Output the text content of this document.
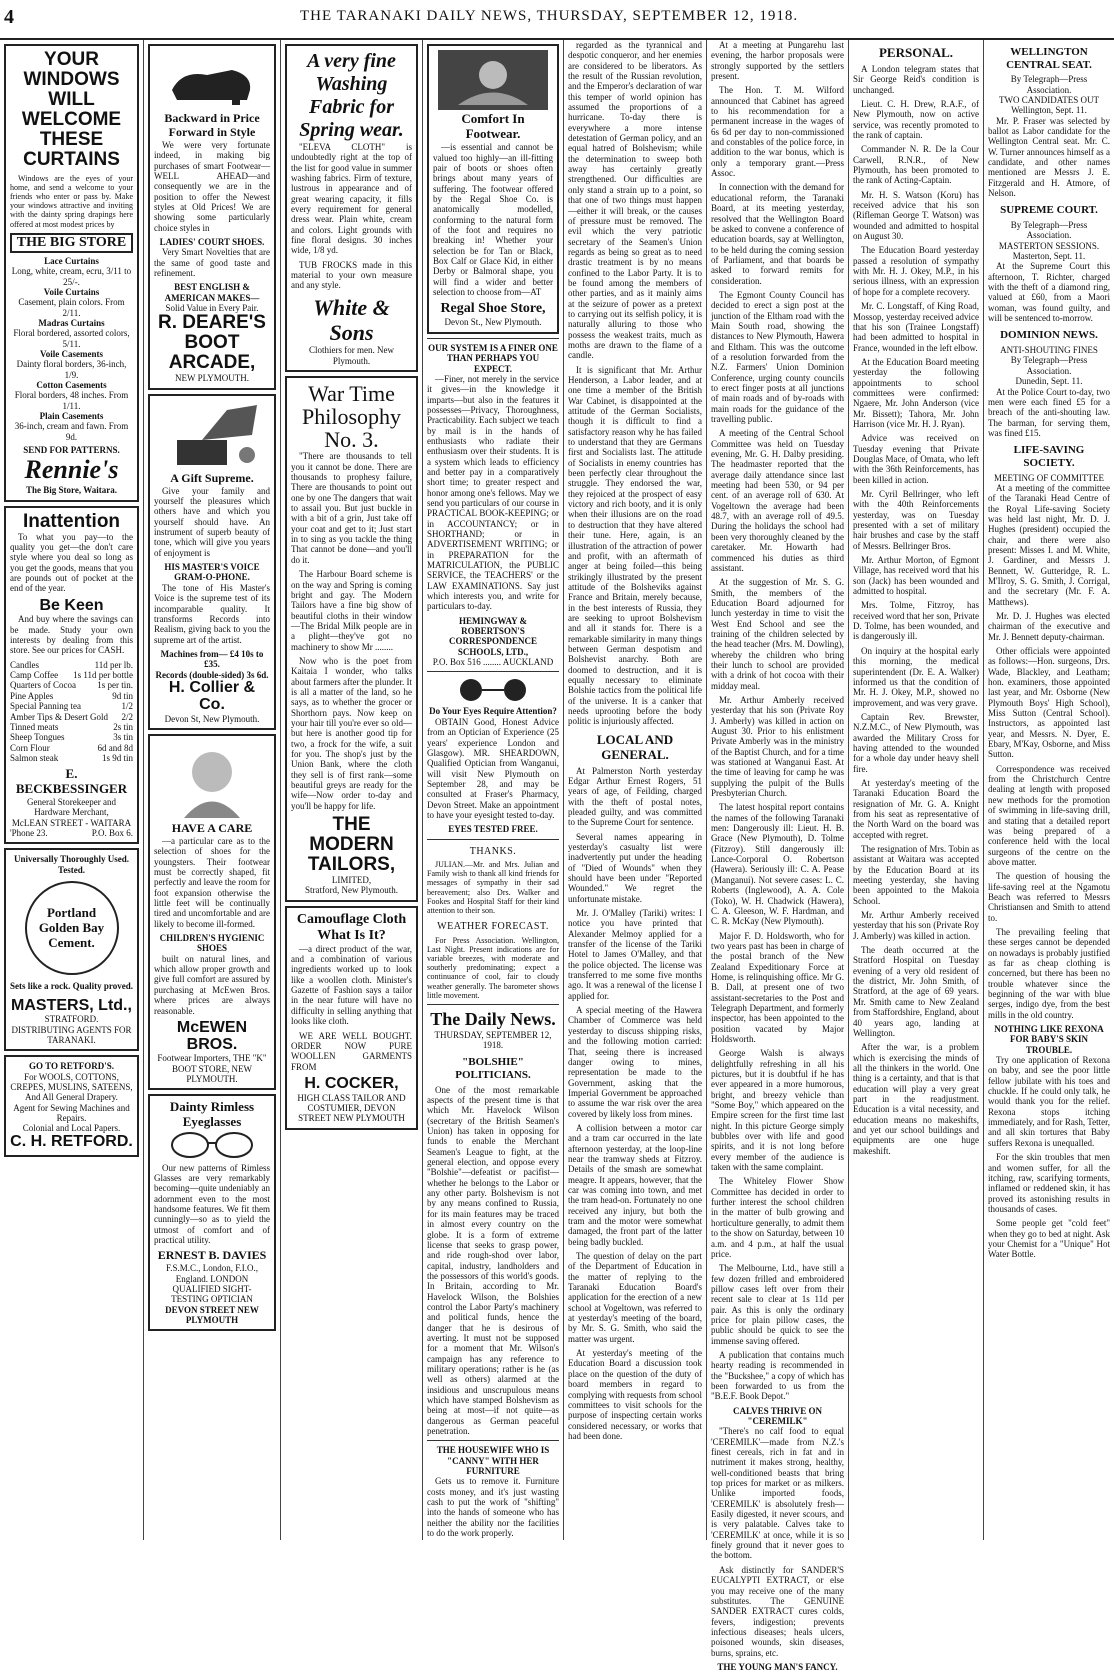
4	THE TARANAKI DAILY NEWS, THURSDAY, SEPTEMBER 12, 1918.
YOUR WINDOWS WILL WELCOME THESE CURTAINS

Windows are the eyes of your home, and send a welcome to your friends who enter or pass by. Make your windows attractive and inviting with the dainty spring drapings here offered at most modest prices by

THE BIG STORE
Lace Curtains
Long, white, cream, ecru, 3/11 to 25/-.
Voile Curtains
Casement, plain colors. From 2/11.
Madras Curtains
Floral bordered, assorted colors, 5/11.
Voile Casements
Dainty floral borders, 36-inch, 1/9.
Cotton Casements
Floral borders, 48 inches. From 1/11.
Plain Casements
36-inch, cream and fawn. From 9d.
SEND FOR PATTERNS.
Rennie's
The Big Store, Waitara.
Inattention

To what you pay—to the quality you get—the don't care style where you deal so long as you get the goods, means that you are pounds out of pocket at the end of the year.

Be Keen

And buy where the savings can be made. Study your own interests by dealing from this store. See our prices for CASH.

Candles	11d per lb.
Camp Coffee 1s 11d per bottle
Quarters of Cocoa 1s per tin.
Pine Apples	9d tin
Special Panning tea	1/2
Amber Tips & Desert Gold 2/2
Tinned meats	2s tin
Sheep Tongues	3s tin
Corn Flour	6d and 8d
Salmon steak	1s 9d tin
E. BECKBESSINGER
General Storekeeper and Hardware Merchant,
McLEAN STREET - WAITARA
'Phone 23.	P.O. Box 6.
Universally Thoroughly Used. Tested.
Portland Golden Bay Cement.
Sets like a rock. Quality proved.
MASTERS, Ltd.,
STRATFORD.
DISTRIBUTING AGENTS FOR TARANAKI.
GO TO RETFORD'S.
For WOOLS, COTTONS, CREPES, MUSLINS, SATEENS, And All General Drapery.
Agent for Sewing Machines and Repairs.
Colonial and Local Papers.
C. H. RETFORD.
Backward in Price Forward in Style

We were very fortunate indeed, in making big purchases of smart Footwear—WELL AHEAD—and consequently we are in the position to offer the Newest styles at Old Prices! We are showing some particularly choice styles in

LADIES' COURT SHOES.

Very Smart Novelties that are the same of good taste and refinement.

BEST ENGLISH & AMERICAN MAKES—
Solid Value in Every Pair.
R. DEARE'S BOOT ARCADE,
NEW PLYMOUTH.
A Gift Supreme.

Give your family and yourself the pleasures which others have and which you yourself should have. An instrument of superb beauty of tone, which will give you years of enjoyment is

HIS MASTER'S VOICE GRAM-O-PHONE.

The tone of His Master's Voice is the supreme test of its incomparable quality. It transforms Records into Realism, giving back to you the supreme art of the artist.

Machines from— £4 10s to £35.
Records (double-sided) 3s 6d.
H. Collier & Co.
Devon St, New Plymouth.
HAVE A CARE

—a particular care as to the selection of shoes for the youngsters. Their footwear must be correctly shaped, fit perfectly and leave the room for foot expansion otherwise the little feet will be continually tired and uncomfortable and are likely to become ill-formed.

CHILDREN'S HYGIENIC SHOES

built on natural lines, and which allow proper growth and give full comfort are assured by purchasing at McEwen Bros. where prices are always reasonable.

McEWEN BROS.
Footwear Importers, THE "K" BOOT STORE, NEW PLYMOUTH.
Dainty Rimless Eyeglasses

Our new patterns of Rimless Glasses are very remarkably becoming—quite undeniably an adornment even to the most handsome features. We fit them cunningly—so as to yield the utmost of comfort and of practical utility.

ERNEST B. DAVIES
F.S.M.C., London, F.I.O., England. LONDON QUALIFIED SIGHT-TESTING OPTICIAN
DEVON STREET NEW PLYMOUTH
A very fine Washing Fabric for Spring wear.

"ELEVA CLOTH" is undoubtedly right at the top of the list for good value in summer washing fabrics. Firm of texture, lustrous in appearance and of great wearing capacity, it fills every requirement for general dress wear. Plain white, cream and colors. Light grounds with fine floral designs. 30 inches wide, 1/8 yd.

TUB FROCKS made in this material to your own measure and any style.

White & Sons
Clothiers for men. New Plymouth.
War Time Philosophy No. 3.

"There are thousands to tell you it cannot be done. There are thousands to prophesy failure, There are thousands to point out one by one The dangers that wait to assail you. But just buckle in with a bit of a grin, Just take off your coat and get to it; Just start in to sing as you tackle the thing That cannot be done—and you'll do it.

The Harbour Board scheme is on the way and Spring is coming bright and gay. The Modern Tailors have a fine big show of beautiful cloths in their window —The Bridal Milk people are in a plight—they've got no machinery to show Mr ........

Now who is the poet from Kaitaia I wonder, who talks about farmers after the plunder. It is all a matter of the land, so he says, as to whether the grocer or Shorthorn pays. Now keep on your hair till you're ever so old—but here is another good tip for two, a frock for the wife, a suit for you. The shop's just by the Union Bank, where the cloth they sell is of first rank—some beautiful greys are ready for the wife—Now order to-day and you'll be happy for life.

THE MODERN TAILORS,
LIMITED,
Stratford, New Plymouth.
Camouflage Cloth What Is It?

—a direct product of the war, and a combination of various ingredients worked up to look like a woollen cloth. Minister's Gazette of Fashion says a tailor in the near future will have no difficulty in selling anything that looks like cloth.

WE ARE WELL BOUGHT. ORDER NOW PURE WOOLLEN GARMENTS FROM

H. COCKER,
HIGH CLASS TAILOR AND COSTUMIER, DEVON STREET NEW PLYMOUTH
Comfort In Footwear.

—is essential and cannot be valued too highly—an ill-fitting pair of boots or shoes often brings about many years of suffering. The footwear offered by the Regal Shoe Co. is anatomically modelled, conforming to the natural form of the foot and requires no breaking in! Whether your selection be for Tan or Black, Box Calf or Glace Kid, in either Derby or Balmoral shape, you will find a wider and better selection to choose from—AT

Regal Shoe Store,
Devon St., New Plymouth.
OUR SYSTEM IS A FINER ONE THAN PERHAPS YOU EXPECT.

—Finer, not merely in the service it gives—in the knowledge it imparts—but also in the features it possesses—Privacy, Thoroughness, Practicability. Each subject we teach by mail is in the hands of enthusiasts who radiate their enthusiasm over their students. It is a system which leads to efficiency and better pay in a comparatively short time; to greater respect and honor among one's fellows. May we send you particulars of our course in PRACTICAL BOOK-KEEPING; or in ACCOUNTANCY; or in SHORTHAND; or in ADVERTISEMENT WRITING; or in PREPARATION for the MATRICULATION, the PUBLIC SERVICE, the TEACHERS' or the LAW EXAMINATIONS. Say just which interests you, and write for particulars to-day.

HEMINGWAY & ROBERTSON'S CORRESPONDENCE SCHOOLS, LTD.,
P.O. Box 516 ........ AUCKLAND
Do Your Eyes Require Attention?

OBTAIN Good, Honest Advice from an Optician of Experience (25 years' experience London and Glasgow). MR. SHEARDOWN, Qualified Optician from Wanganui, will visit New Plymouth on September 28, and may be consulted at Fraser's Pharmacy, Devon Street. Make an appointment to have your eyesight tested to-day.

EYES TESTED FREE.
THANKS.

JULIAN.—Mr. and Mrs. Julian and Family wish to thank all kind friends for messages of sympathy in their sad bereavement; also Drs. Walker and Fookes and Hospital Staff for their kind attention to their son.

WEATHER FORECAST.

For Press Association. Wellington, Last Night. Present indications are for variable breezes, with moderate and southerly predominating; expect a continuance of cool, fair to cloudy weather generally. The barometer shows little movement.

The Daily News.
THURSDAY, SEPTEMBER 12, 1918.
"BOLSHIE" POLITICIANS.

One of the most remarkable aspects of the present time is that which Mr. Havelock Wilson (secretary of the British Seamen's Union) has taken in opposing for funds to enable the Merchant Seamen's League to fight, at the general election, and oppose every "Bolshie"—defeatist or pacifist—whether he belongs to the Labor or any other party. Bolshevism is not by any means confined to Russia, for its main features may be traced in almost every country on the globe. It is a form of extreme license that seeks to grasp power, and ride rough-shod over labor, capital, industry, landholders and the possessors of this world's goods. In Britain, according to Mr. Havelock Wilson, the Bolshies control the Labor Party's machinery and political funds, hence the danger that he is desirous of averting. It must not be supposed for a moment that Mr. Wilson's campaign has any reference to military operations; rather is he (as well as others) alarmed at the insidious and unscrupulous means which have stamped Bolshevism as being at most—if not quite—as dangerous as German peaceful penetration.

THE HOUSEWIFE WHO IS "CANNY" WITH HER FURNITURE

Gets us to remove it. Furniture costs money, and it's just wasting cash to put the work of "shifting" into the hands of someone who has neither the ability nor the facilities to do the work properly.

regarded as the tyrannical and despotic conqueror, and her enemies are considered to be liberators. As the result of the Russian revolution, and the Emperor's declaration of war this temper of world opinion has assumed the proportions of a hurricane. To-day there is everywhere a more intense detestation of German policy, and an equal hatred of Bolshevism; while the determination to sweep both away has certainly greatly strengthened. Our difficulties are only stand a strain up to a point, so that one of two things must happen—either it will break, or the causes of pressure must be removed. The evil which the very patriotic secretary of the Seamen's Union regards as being so great as to need drastic treatment is by no means confined to the Labor Party. It is to be found among the members of other parties, and as it mainly aims at the seizure of power as a pretext to carrying out its selfish policy, it is naturally alluring to those who possess the weakest traits, much as moths are drawn to the flame of a candle.

It is significant that Mr. Arthur Henderson, a Labor leader, and at one time a member of the British War Cabinet, is disappointed at the attitude of the German Socialists, though it is difficult to find a satisfactory reason why he has failed to understand that they are Germans first and Socialists last. The attitude of Socialists in enemy countries has been perfectly clear throughout the struggle. They endorsed the war, they rejoiced at the prospect of easy victory and rich booty, and it is only when their illusions are on the road to destruction that they have altered their tune. Here, again, is an illustration of the attraction of power and profit, with an aftermath of anger at being foiled—this being strikingly illustrated by the present attitude of the Bolsheviks against France and Britain, merely because, in the best interests of Russia, they are seeking to uproot Bolshevism and all it stands for. There is a remarkable similarity in many things between German despotism and Bolshevist anarchy. Both are doomed to destruction, and it is equally necessary to eliminate Bolshie tactics from the political life of the universe. It is a canker that needs uprooting before the body politic is injuriously affected.

LOCAL AND GENERAL.

At Palmerston North yesterday Edgar Arthur Ernest Rogers, 51 years of age, of Feilding, charged with the theft of postal notes, pleaded guilty, and was committed to the Supreme Court for sentence.

Several names appearing in yesterday's casualty list were inadvertently put under the heading of "Died of Wounds" when they should have been under "Reported Wounded." We regret the unfortunate mistake.

Mr. J. O'Malley (Tariki) writes: I notice you have printed that Alexander Melmoy applied for a transfer of the license of the Tariki Hotel to James O'Malley, and that the police objected. The license was transferred to me some five months ago. It was a renewal of the license I applied for.

A special meeting of the Hawera Chamber of Commerce was held yesterday to discuss shipping risks, and the following motion carried: That, seeing there is increased danger owing to mines, representation be made to the Government, asking that the Imperial Government be approached to assume the war risk over the area covered by likely loss from mines.

A collision between a motor car and a tram car occurred in the late afternoon yesterday, at the loop-line near the tramway sheds at Fitzroy. Details of the smash are somewhat meagre. It appears, however, that the car was coming into town, and met the tram head-on. Fortunately no one received any injury, but both the tram and the motor were somewhat damaged, the front part of the latter being badly buckled.

The question of delay on the part of the Department of Education in the matter of replying to the Taranaki Education Board's application for the erection of a new school at Vogeltown, was referred to at yesterday's meeting of the board, by Mr. S. G. Smith, who said the matter was urgent.

At yesterday's meeting of the Education Board a discussion took place on the question of the duty of board members in regard to complying with requests from school committees to visit schools for the purpose of inspecting certain works considered necessary, or works that had been done.

At a meeting at Pungarehu last evening, the harbor proposals were strongly supported by the settlers present.

The Hon. T. M. Wilford announced that Cabinet has agreed to his recommendation for a permanent increase in the wages of 6s 6d per day to non-commissioned and constables of the police force, in addition to the war bonus, which is only a temporary grant.—Press Assoc.

In connection with the demand for educational reform, the Taranaki Board, at its meeting yesterday, resolved that the Wellington Board be asked to convene a conference of education boards, say at Wellington, to be held during the coming session of Parliament, and that boards be asked to forward remits for consideration.

The Egmont County Council has decided to erect a sign post at the junction of the Eltham road with the Main South road, showing the distances to New Plymouth, Hawera and Eltham. This was the outcome of a resolution forwarded from the N.Z. Farmers' Union Dominion Conference, urging county councils to erect finger posts at all junctions of main roads and of by-roads with main roads for the guidance of the travelling public.

A meeting of the Central School Committee was held on Tuesday evening, Mr. G. H. Dalby presiding. The headmaster reported that the average daily attendance since last meeting had been 530, or 94 per cent. of an average roll of 630. At Vogeltown the average had been 48.7, with an average roll of 49.5. During the holidays the school had been very thoroughly cleaned by the caretaker. Mr. Howarth had commenced his duties as third assistant.

At the suggestion of Mr. S. G. Smith, the members of the Education Board adjourned for lunch yesterday in time to visit the West End School and see the training of the children selected by the head teacher (Mrs. M. Dowling), whereby the children who bring their lunch to school are provided with a drink of hot cocoa with their midday meal.

Mr. Arthur Amberly received yesterday that his son (Private Roy J. Amberly) was killed in action on August 30. Prior to his enlistment Private Amberly was in the ministry of the Baptist Church, and for a time was stationed at Wanganui East. At the time of leaving for camp he was supplying the pulpit of the Bulls Presbyterian Church.

The latest hospital report contains the names of the following Taranaki men: Dangerously ill: Lieut. H. B. Grace (New Plymouth), D. Tolme (Fitzroy). Still dangerously ill: Lance-Corporal O. Robertson (Hawera). Seriously ill: C. A. Pease (Manganui). Not severe cases: L. C. Roberts (Inglewood), A. A. Cole (Toko), W. H. Chadwick (Hawera), C. A. Gleeson, W. F. Hardman, and C. R. McKay (New Plymouth).

Major F. D. Holdsworth, who for two years past has been in charge of the postal branch of the New Zealand Expeditionary Force at Home, is relinquishing office. Mr G. B. Dall, at present one of two assistant-secretaries to the Post and Telegraph Department, and formerly inspector, has been appointed to the position vacated by Major Holdsworth.

George Walsh is always delightfully refreshing in all his pictures, but it is doubtful if he has ever appeared in a more humorous, bright, and breezy vehicle than "Some Boy," which appeared on the Empire screen for the first time last night. In this picture George simply bubbles over with life and good spirits, and it is not long before every member of the audience is taken with the same complaint.

The Whiteley Flower Show Committee has decided in order to further interest the school children in the matter of bulb growing and horticulture generally, to admit them to the show on Saturday, between 10 a.m. and 4 p.m., at half the usual price.

The Melbourne, Ltd., have still a few dozen frilled and embroidered pillow cases left over from their recent sale to clear at 1s 11d per pair. As this is only the ordinary price for plain pillow cases, the public should be quick to see the immense saving offered.

A publication that contains much hearty reading is recommended in the "Buckshee," a copy of which has been forwarded to us from the "B.E.F. Book Depot."

CALVES THRIVE ON "CEREMILK"

"There's no calf food to equal 'CEREMILK'—made from N.Z.'s finest cereals, rich in fat and in nutriment it makes strong, healthy, well-conditioned beasts that bring top prices for market or as milkers. Unlike imported foods, 'CEREMILK' is absolutely fresh—Easily digested, it never scours, and is very palatable. Calves take to 'CEREMILK' at once, while it is so finely ground that it never goes to the bottom.

Ask distinctly for SANDER'S EUCALYPTI EXTRACT, or else you may receive one of the many substitutes. The GENUINE SANDER EXTRACT cures colds, fevers, indigestion; prevents infectious diseases; heals ulcers, poisoned wounds, skin diseases, burns, sprains, etc.

THE YOUNG MAN'S FANCY.
PERSONAL.

A London telegram states that Sir George Reid's condition is unchanged.

Lieut. C. H. Drew, R.A.F., of New Plymouth, now on active service, was recently promoted to the rank of captain.

Commander N. R. De la Cour Carwell, R.N.R., of New Plymouth, has been promoted to the rank of Acting-Captain.

Mr. H. S. Watson (Koru) has received advice that his son (Rifleman George T. Watson) was wounded and admitted to hospital on August 30.

The Education Board yesterday passed a resolution of sympathy with Mr. H. J. Okey, M.P., in his serious illness, with an expression of hope for a complete recovery.

Mr. C. Longstaff, of King Road, Mossop, yesterday received advice that his son (Trainee Longstaff) had been admitted to hospital in France, wounded in the left elbow.

At the Education Board meeting yesterday the following appointments to school committees were confirmed: Ngaere, Mr. John Anderson (vice Mr. Bissett); Tahora, Mr. John Harrison (vice Mr. H. J. Ryan).

Advice was received on Tuesday evening that Private Douglas Mace, of Omata, who left with the 36th Reinforcements, has been killed in action.

Mr. Cyril Bellringer, who left with the 40th Reinforcements yesterday, was on Tuesday presented with a set of military hair brushes and case by the staff of Messrs. Bellringer Bros.

Mr. Arthur Morton, of Egmont Village, has received word that his son (Jack) has been wounded and admitted to hospital.

Mrs. Tolme, Fitzroy, has received word that her son, Private D. Tolme, has been wounded, and is dangerously ill.

On inquiry at the hospital early this morning, the medical superintendent (Dr. E. A. Walker) informed us that the condition of Mr. H. J. Okey, M.P., showed no improvement, and was very grave.

Captain Rev. Brewster, N.Z.M.C., of New Plymouth, was awarded the Military Cross for having attended to the wounded for a whole day under heavy shell fire.

At yesterday's meeting of the Taranaki Education Board the resignation of Mr. G. A. Knight from his seat as representative of the North Ward on the board was accepted with regret.

The resignation of Mrs. Tobin as assistant at Waitara was accepted by the Education Board at its meeting yesterday, she having been appointed to the Makoia School.

Mr. Arthur Amberly received yesterday that his son (Private Roy J. Amberly) was killed in action.

The death occurred at the Stratford Hospital on Tuesday evening of a very old resident of the district, Mr. John Smith, of Stratford, at the age of 69 years. Mr. Smith came to New Zealand from Staffordshire, England, about 40 years ago, landing at Wellington.

After the war, is a problem which is exercising the minds of all the thinkers in the world. One thing is a certainty, and that is that education will play a very great part in the readjustment. Education is a vital necessity, and education means no makeshifts, and yet our school buildings and equipments are one huge makeshift.

WELLINGTON CENTRAL SEAT.
By Telegraph—Press Association.
TWO CANDIDATES OUT
Wellington, Sept. 11.

Mr. P. Fraser was selected by ballot as Labor candidate for the Wellington Central seat. Mr. C. W. Turner announces himself as a candidate, and other names mentioned are Messrs J. E. Fitzgerald and H. Atmore, of Nelson.

SUPREME COURT.
By Telegraph—Press Association.
MASTERTON SESSIONS.
Masterton, Sept. 11.

At the Supreme Court this afternoon, T. Richter, charged with the theft of a diamond ring, valued at £60, from a Maori woman, was found guilty, and will be sentenced to-morrow.

DOMINION NEWS.
ANTI-SHOUTING FINES
By Telegraph—Press Association.
Dunedin, Sept. 11.

At the Police Court to-day, two men were each fined £5 for a breach of the anti-shouting law. The barman, for serving them, was fined £15.

LIFE-SAVING SOCIETY.
MEETING OF COMMITTEE

At a meeting of the committee of the Taranaki Head Centre of the Royal Life-saving Society was held last night, Mr. D. J. Hughes (president) occupied the chair, and there were also present: Misses I. and M. White, J. Gardiner, and Messrs J. Bennett, W. Gutteridge, R. L. M'Ilroy, S. G. Smith, J. Corrigal, and the secretary (Mr. F. A. Matthews).

Mr. D. J. Hughes was elected chairman of the executive and Mr. J. Bennett deputy-chairman.

Other officials were appointed as follows:—Hon. surgeons, Drs. Wade, Blackley, and Leatham; hon. examiners, those appointed last year, and Mr. Osborne (New Plymouth Boys' High School), Miss Sutton (Central School). Instructors, as appointed last year, and Messrs. N. Dyer, E. Ebary, M'Kay, Osborne, and Miss Sutton.

Correspondence was received from the Christchurch Centre dealing at length with proposed new methods for the promotion of swimming in life-saving drill, and stating that a detailed report was being prepared of a conference held with the local surgeons of the centre on the above matter.

The question of housing the life-saving reel at the Ngamotu Beach was referred to Messrs Christiansen and Smith to attend to.

The prevailing feeling that these serges cannot be depended on nowadays is probably justified as far as cheap clothing is concerned, but there has been no trouble whatever since the beginning of the war with blue serges, indigo dye, from the best mills in the old country.

NOTHING LIKE REXONA FOR BABY'S SKIN TROUBLE.

Try one application of Rexona on baby, and see the poor little fellow jubilate with his toes and chuckle. If he could only talk, he would thank you for the relief. Rexona stops itching immediately, and for Rash, Tetter, and all skin tortures that Baby suffers Rexona is unequalled.

For the skin troubles that men and women suffer, for all the itching, raw, scarifying torments, inflamed or reddened skin, it has proved its astonishing results in thousands of cases.

Some people get "cold feet" when they go to bed at night. Ask your Chemist for a "Unique" Hot Water Bottle.
